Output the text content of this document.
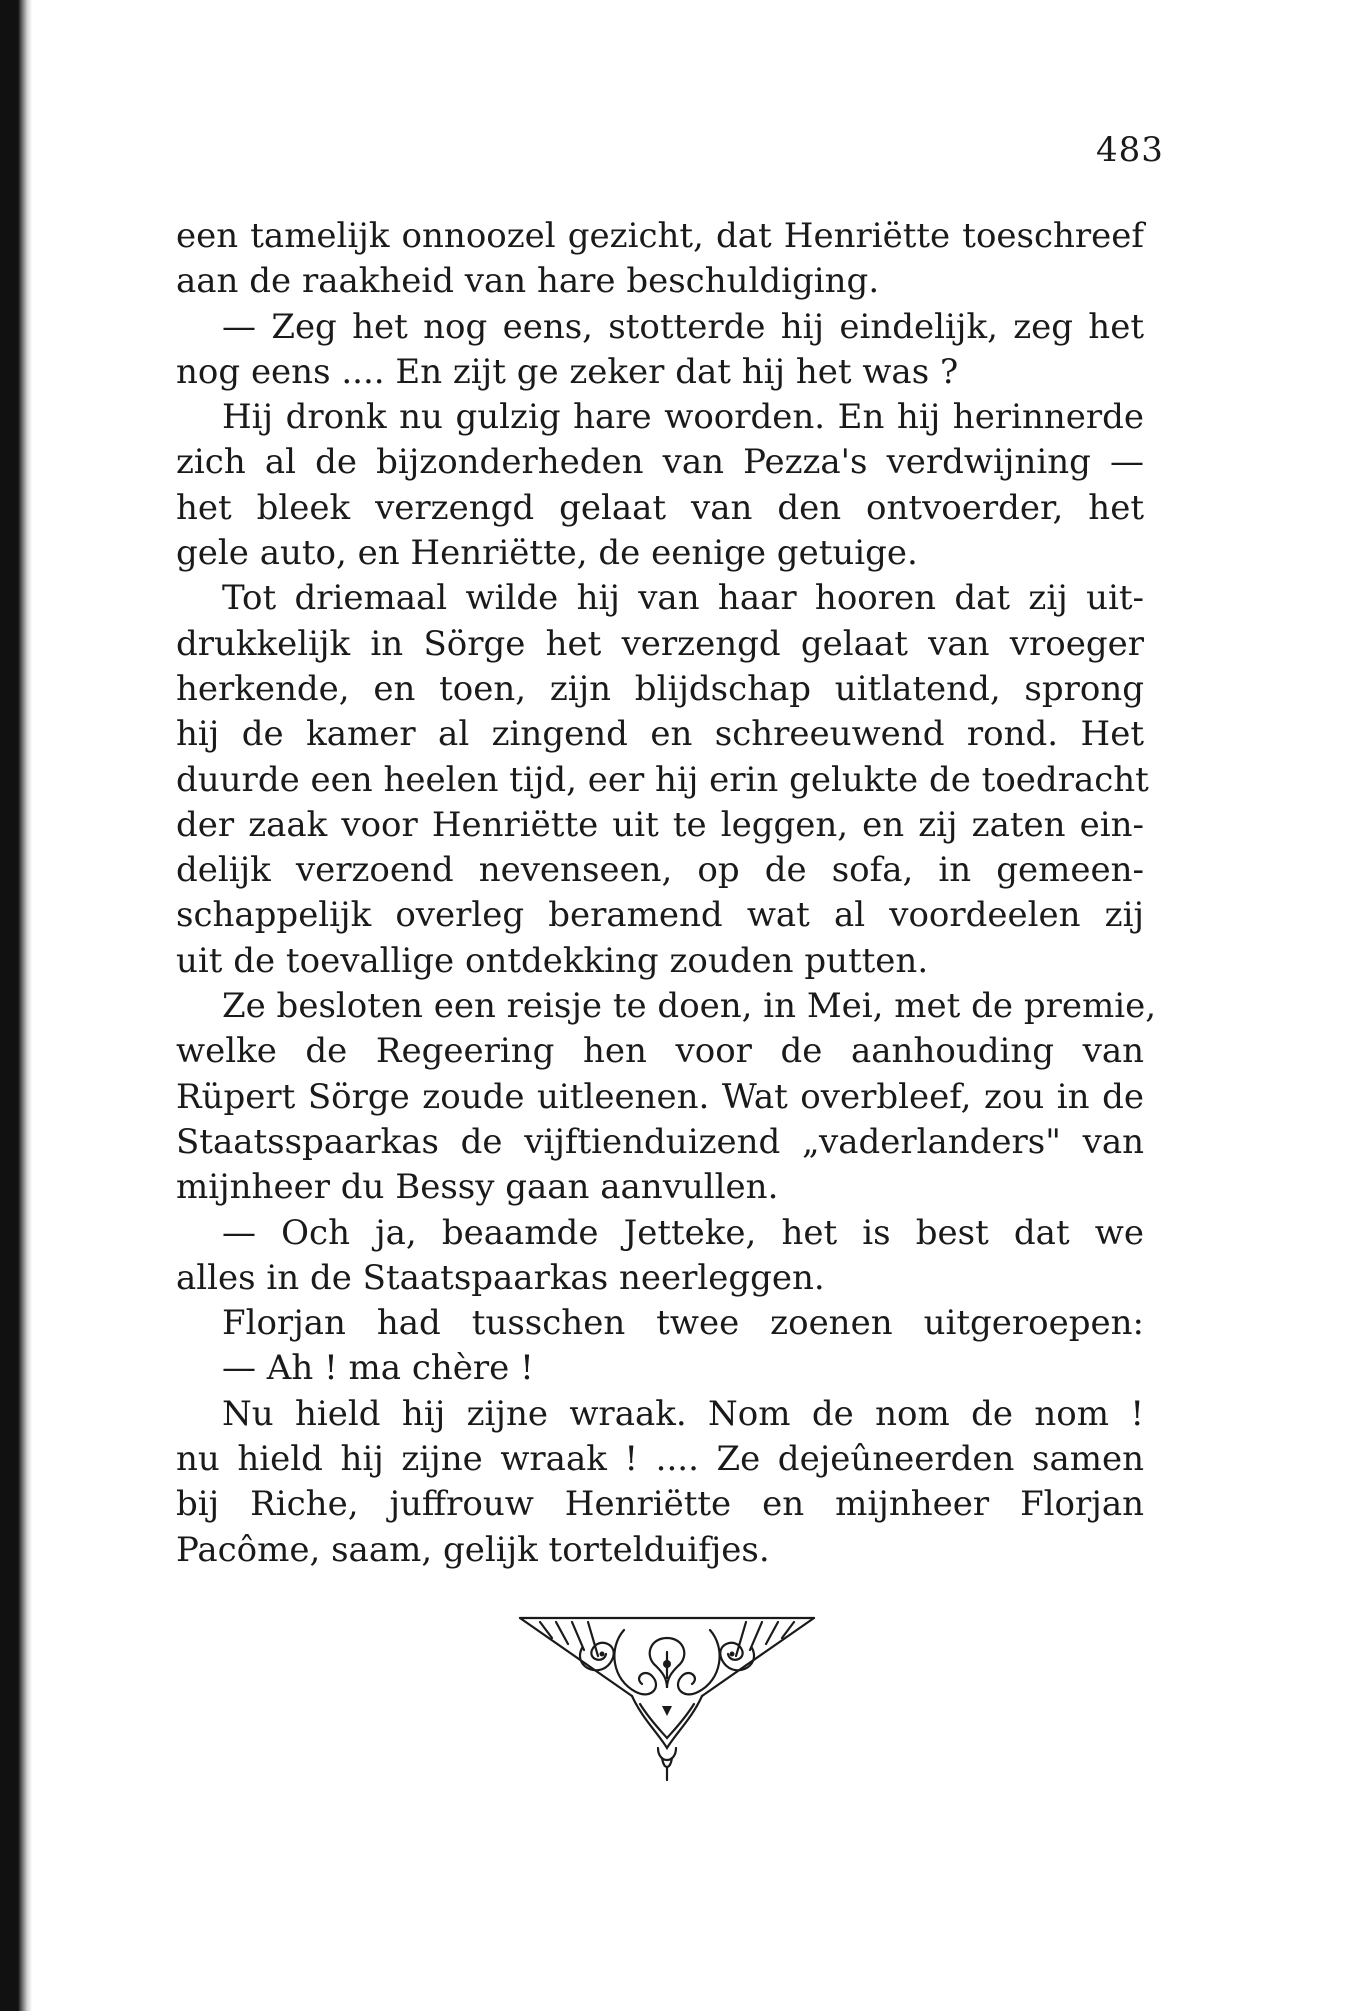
483
een tamelijk onnoozel gezicht, dat Henriëtte toeschreef
aan de raakheid van hare beschuldiging.
— Zeg het nog eens, stotterde hij eindelijk, zeg het
nog eens .... En zijt ge zeker dat hij het was ?
Hij dronk nu gulzig hare woorden. En hij herinnerde
zich al de bijzonderheden van Pezza's verdwijning —
het bleek verzengd gelaat van den ontvoerder, het
gele auto, en Henriëtte, de eenige getuige.
Tot driemaal wilde hij van haar hooren dat zij uit-
drukkelijk in Sörge het verzengd gelaat van vroeger
herkende, en toen, zijn blijdschap uitlatend, sprong
hij de kamer al zingend en schreeuwend rond. Het
duurde een heelen tijd, eer hij erin gelukte de toedracht
der zaak voor Henriëtte uit te leggen, en zij zaten ein-
delijk verzoend nevenseen, op de sofa, in gemeen-
schappelijk overleg beramend wat al voordeelen zij
uit de toevallige ontdekking zouden putten.
Ze besloten een reisje te doen, in Mei, met de premie,
welke de Regeering hen voor de aanhouding van
Rüpert Sörge zoude uitleenen. Wat overbleef, zou in de
Staatsspaarkas de vijftienduizend „vaderlanders" van
mijnheer du Bessy gaan aanvullen.
— Och ja, beaamde Jetteke, het is best dat we
alles in de Staatspaarkas neerleggen.
Florjan had tusschen twee zoenen uitgeroepen:
— Ah ! ma chère !
Nu hield hij zijne wraak. Nom de nom de nom !
nu hield hij zijne wraak ! .... Ze dejeûneerden samen
bij Riche, juffrouw Henriëtte en mijnheer Florjan
Pacôme, saam, gelijk tortelduifjes.
